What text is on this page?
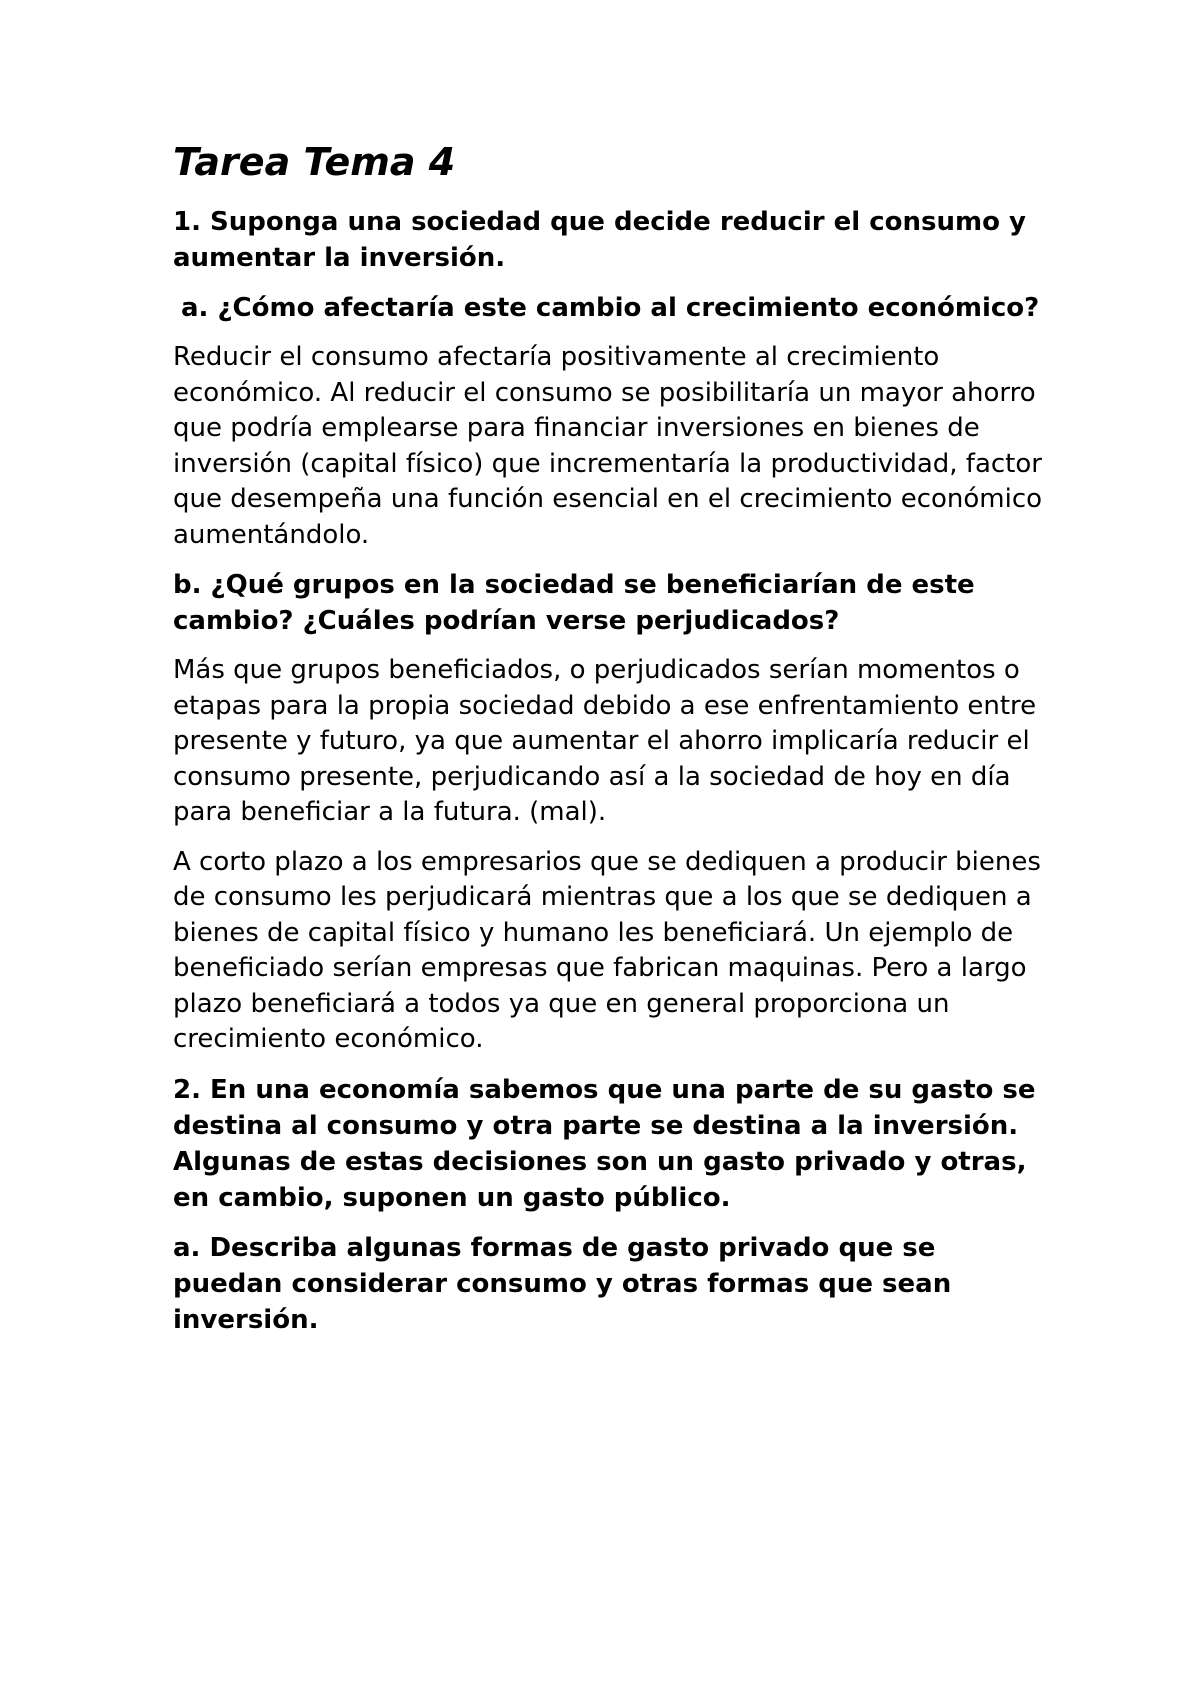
Tarea Tema 4

1. Suponga una sociedad que decide reducir el consumo y aumentar la inversión.

a. ¿Cómo afectaría este cambio al crecimiento económico?

Reducir el consumo afectaría positivamente al crecimiento económico. Al reducir el consumo se posibilitaría un mayor ahorro que podría emplearse para financiar inversiones en bienes de inversión (capital físico) que incrementaría la productividad, factor que desempeña una función esencial en el crecimiento económico aumentándolo.

b. ¿Qué grupos en la sociedad se beneficiarían de este cambio? ¿Cuáles podrían verse perjudicados?

Más que grupos beneficiados, o perjudicados serían momentos o etapas para la propia sociedad debido a ese enfrentamiento entre presente y futuro, ya que aumentar el ahorro implicaría reducir el consumo presente, perjudicando así a la sociedad de hoy en día para beneficiar a la futura. (mal).

A corto plazo a los empresarios que se dediquen a producir bienes de consumo les perjudicará mientras que a los que se dediquen a bienes de capital físico y humano les beneficiará. Un ejemplo de beneficiado serían empresas que fabrican maquinas. Pero a largo plazo beneficiará a todos ya que en general proporciona un crecimiento económico.

2. En una economía sabemos que una parte de su gasto se destina al consumo y otra parte se destina a la inversión. Algunas de estas decisiones son un gasto privado y otras, en cambio, suponen un gasto público.

a. Describa algunas formas de gasto privado que se puedan considerar consumo y otras formas que sean inversión.
